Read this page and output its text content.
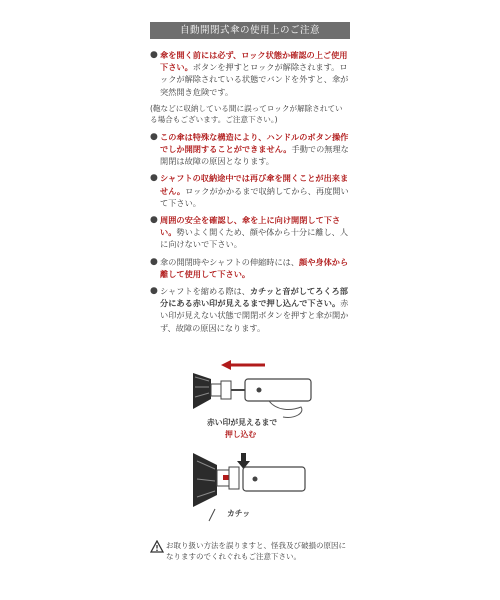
自動開閉式傘の使用上のご注意
● 傘を開く前には必ず、ロック状態か確認の上ご使用下さい。ボタンを押すとロックが解除されます。ロックが解除されている状態でバンドを外すと、傘が突然開き危険です。
(鞄などに収納している間に誤ってロックが解除されている場合もございます。ご注意下さい。)
● この傘は特殊な構造により、ハンドルのボタン操作でしか開閉することができません。手動での無理な開閉は故障の原因となります。
● シャフトの収納途中では再び傘を開くことが出来ません。ロックがかかるまで収納してから、再度開いて下さい。
● 周囲の安全を確認し、傘を上に向け開閉して下さい。勢いよく開くため、顔や体から十分に離し、人に向けないで下さい。
● 傘の開閉時やシャフトの伸縮時には、顔や身体から離して使用して下さい。
● シャフトを縮める際は、カチッと音がしてろくろ部分にある赤い印が見えるまで押し込んで下さい。赤い印が見えない状態で開閉ボタンを押すと傘が開かず、故障の原因になります。
赤い印が見えるまで
押し込む
カチッ
お取り扱い方法を誤りますと、怪我及び破損の原因になりますのでくれぐれもご注意下さい。
